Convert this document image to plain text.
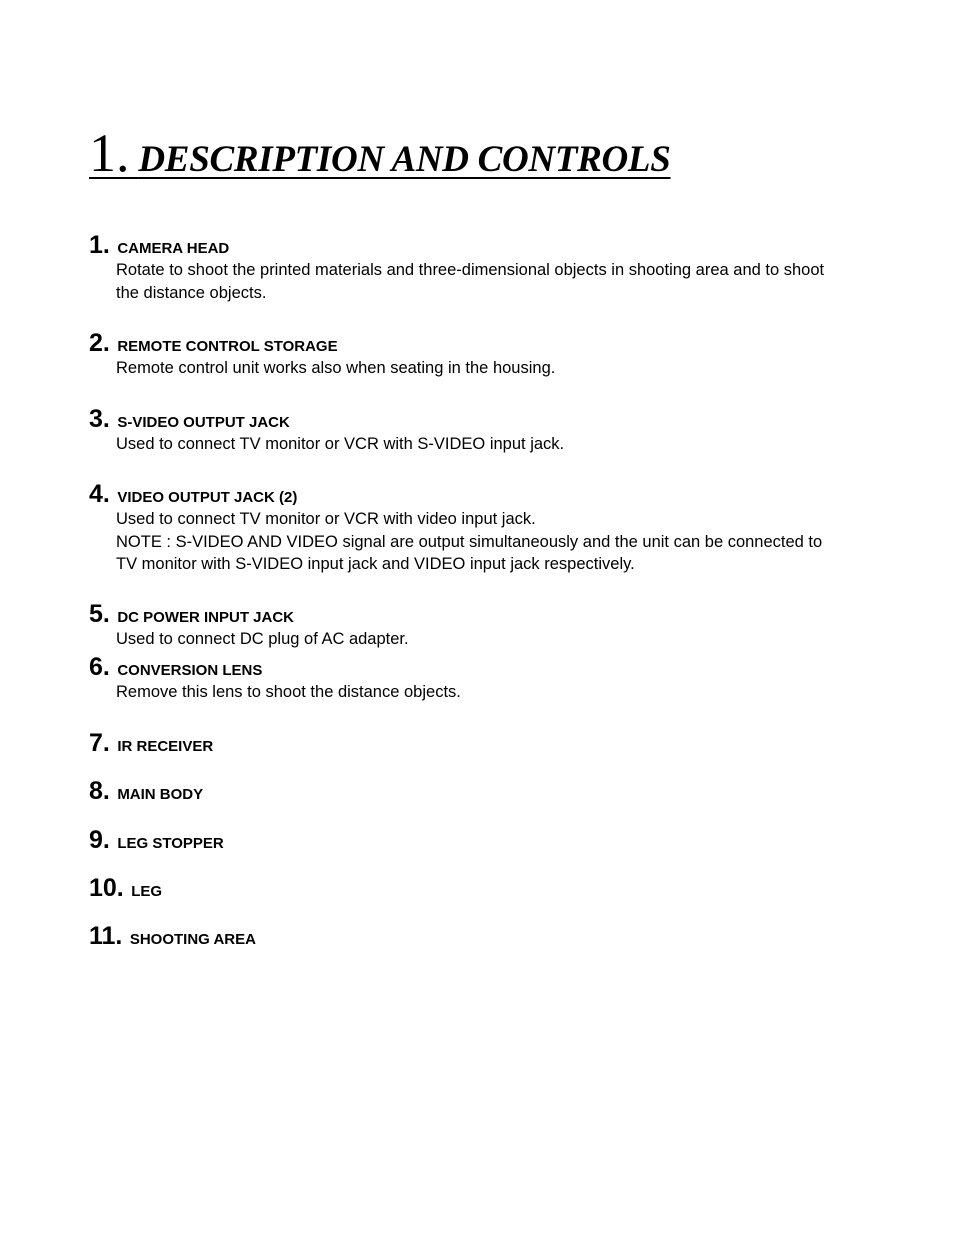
1. DESCRIPTION AND CONTROLS
1. CAMERA HEAD
Rotate to shoot the printed materials and three-dimensional objects in shooting area and to shoot
the distance objects.
2. REMOTE CONTROL STORAGE
Remote control unit works also when seating in the housing.
3. S-VIDEO OUTPUT JACK
Used to connect TV monitor or VCR with S-VIDEO input jack.
4. VIDEO OUTPUT JACK (2)
Used to connect TV monitor or VCR with video input jack.
NOTE : S-VIDEO AND VIDEO signal are output simultaneously and the unit can be connected to
TV monitor with S-VIDEO input jack and VIDEO input jack respectively.
5. DC POWER INPUT JACK
Used to connect DC plug of AC adapter.
6. CONVERSION LENS
Remove this lens to shoot the distance objects.
7. IR RECEIVER
8. MAIN BODY
9. LEG STOPPER
10. LEG
11. SHOOTING AREA
